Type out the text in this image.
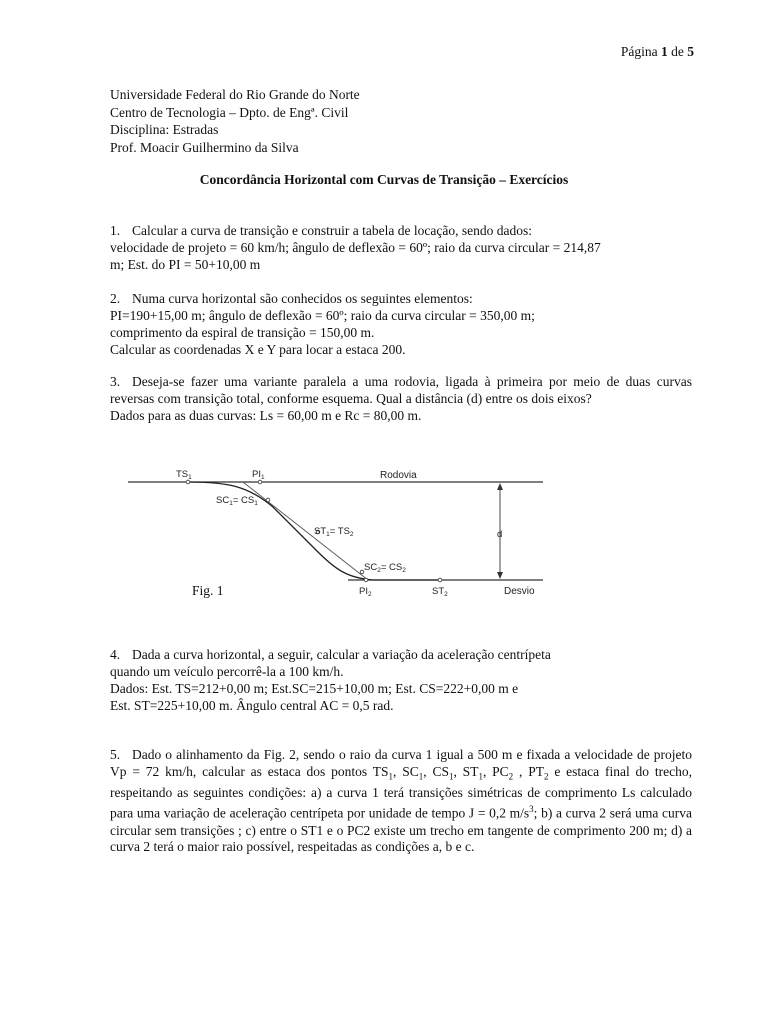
Página 1 de 5
Universidade Federal do Rio Grande do Norte
Centro de Tecnologia – Dpto. de Engª. Civil
Disciplina: Estradas
Prof. Moacir Guilhermino da Silva
Concordância Horizontal com Curvas de Transição – Exercícios
1. Calcular a curva de transição e construir a tabela de locação, sendo dados:
velocidade de projeto = 60 km/h; ângulo de deflexão = 60º; raio da curva circular = 214,87
m; Est. do PI = 50+10,00 m
2. Numa curva horizontal são conhecidos os seguintes elementos:
PI=190+15,00 m; ângulo de deflexão = 60º; raio da curva circular = 350,00 m;
comprimento da espiral de transição = 150,00 m.
Calcular as coordenadas X e Y para locar a estaca 200.

3. Deseja-se fazer uma variante paralela a uma rodovia, ligada à primeira por meio de duas curvas reversas com transição total, conforme esquema. Qual a distância (d) entre os dois eixos?

Dados para as duas curvas: Ls = 60,00 m e Rc = 80,00 m.

$TS_1$	$PI_1$	Rodovia
$SC_1= CS_1$
$ST_1= TS_2$	d
$SC_2= CS_2$
$PI_2$	$ST_2$	Desvio
Fig. 1
4. Dada a curva horizontal, a seguir, calcular a variação da aceleração centrípeta
quando um veículo percorrê-la a 100 km/h.
Dados: Est. TS=212+0,00 m; Est.SC=215+10,00 m; Est. CS=222+0,00 m e
Est. ST=225+10,00 m. Ângulo central AC = 0,5 rad.

5. Dado o alinhamento da Fig. 2, sendo o raio da curva 1 igual a 500 m e fixada a velocidade de projeto Vp = 72 km/h, calcular as estaca dos pontos $TS_1$, $SC_1$, $CS_1$, $ST_1$, $PC_2$ , $PT_2$ e estaca final do trecho, respeitando as seguintes condições: a) a curva 1 terá transições simétricas de comprimento Ls calculado para uma variação de aceleração centrípeta por unidade de tempo J = 0,2 $m/s^3$; b) a curva 2 será uma curva circular sem transições ; c) entre o ST1 e o PC2 existe um trecho em tangente de comprimento 200 m; d) a curva 2 terá o maior raio possível, respeitadas as condições a, b e c.
